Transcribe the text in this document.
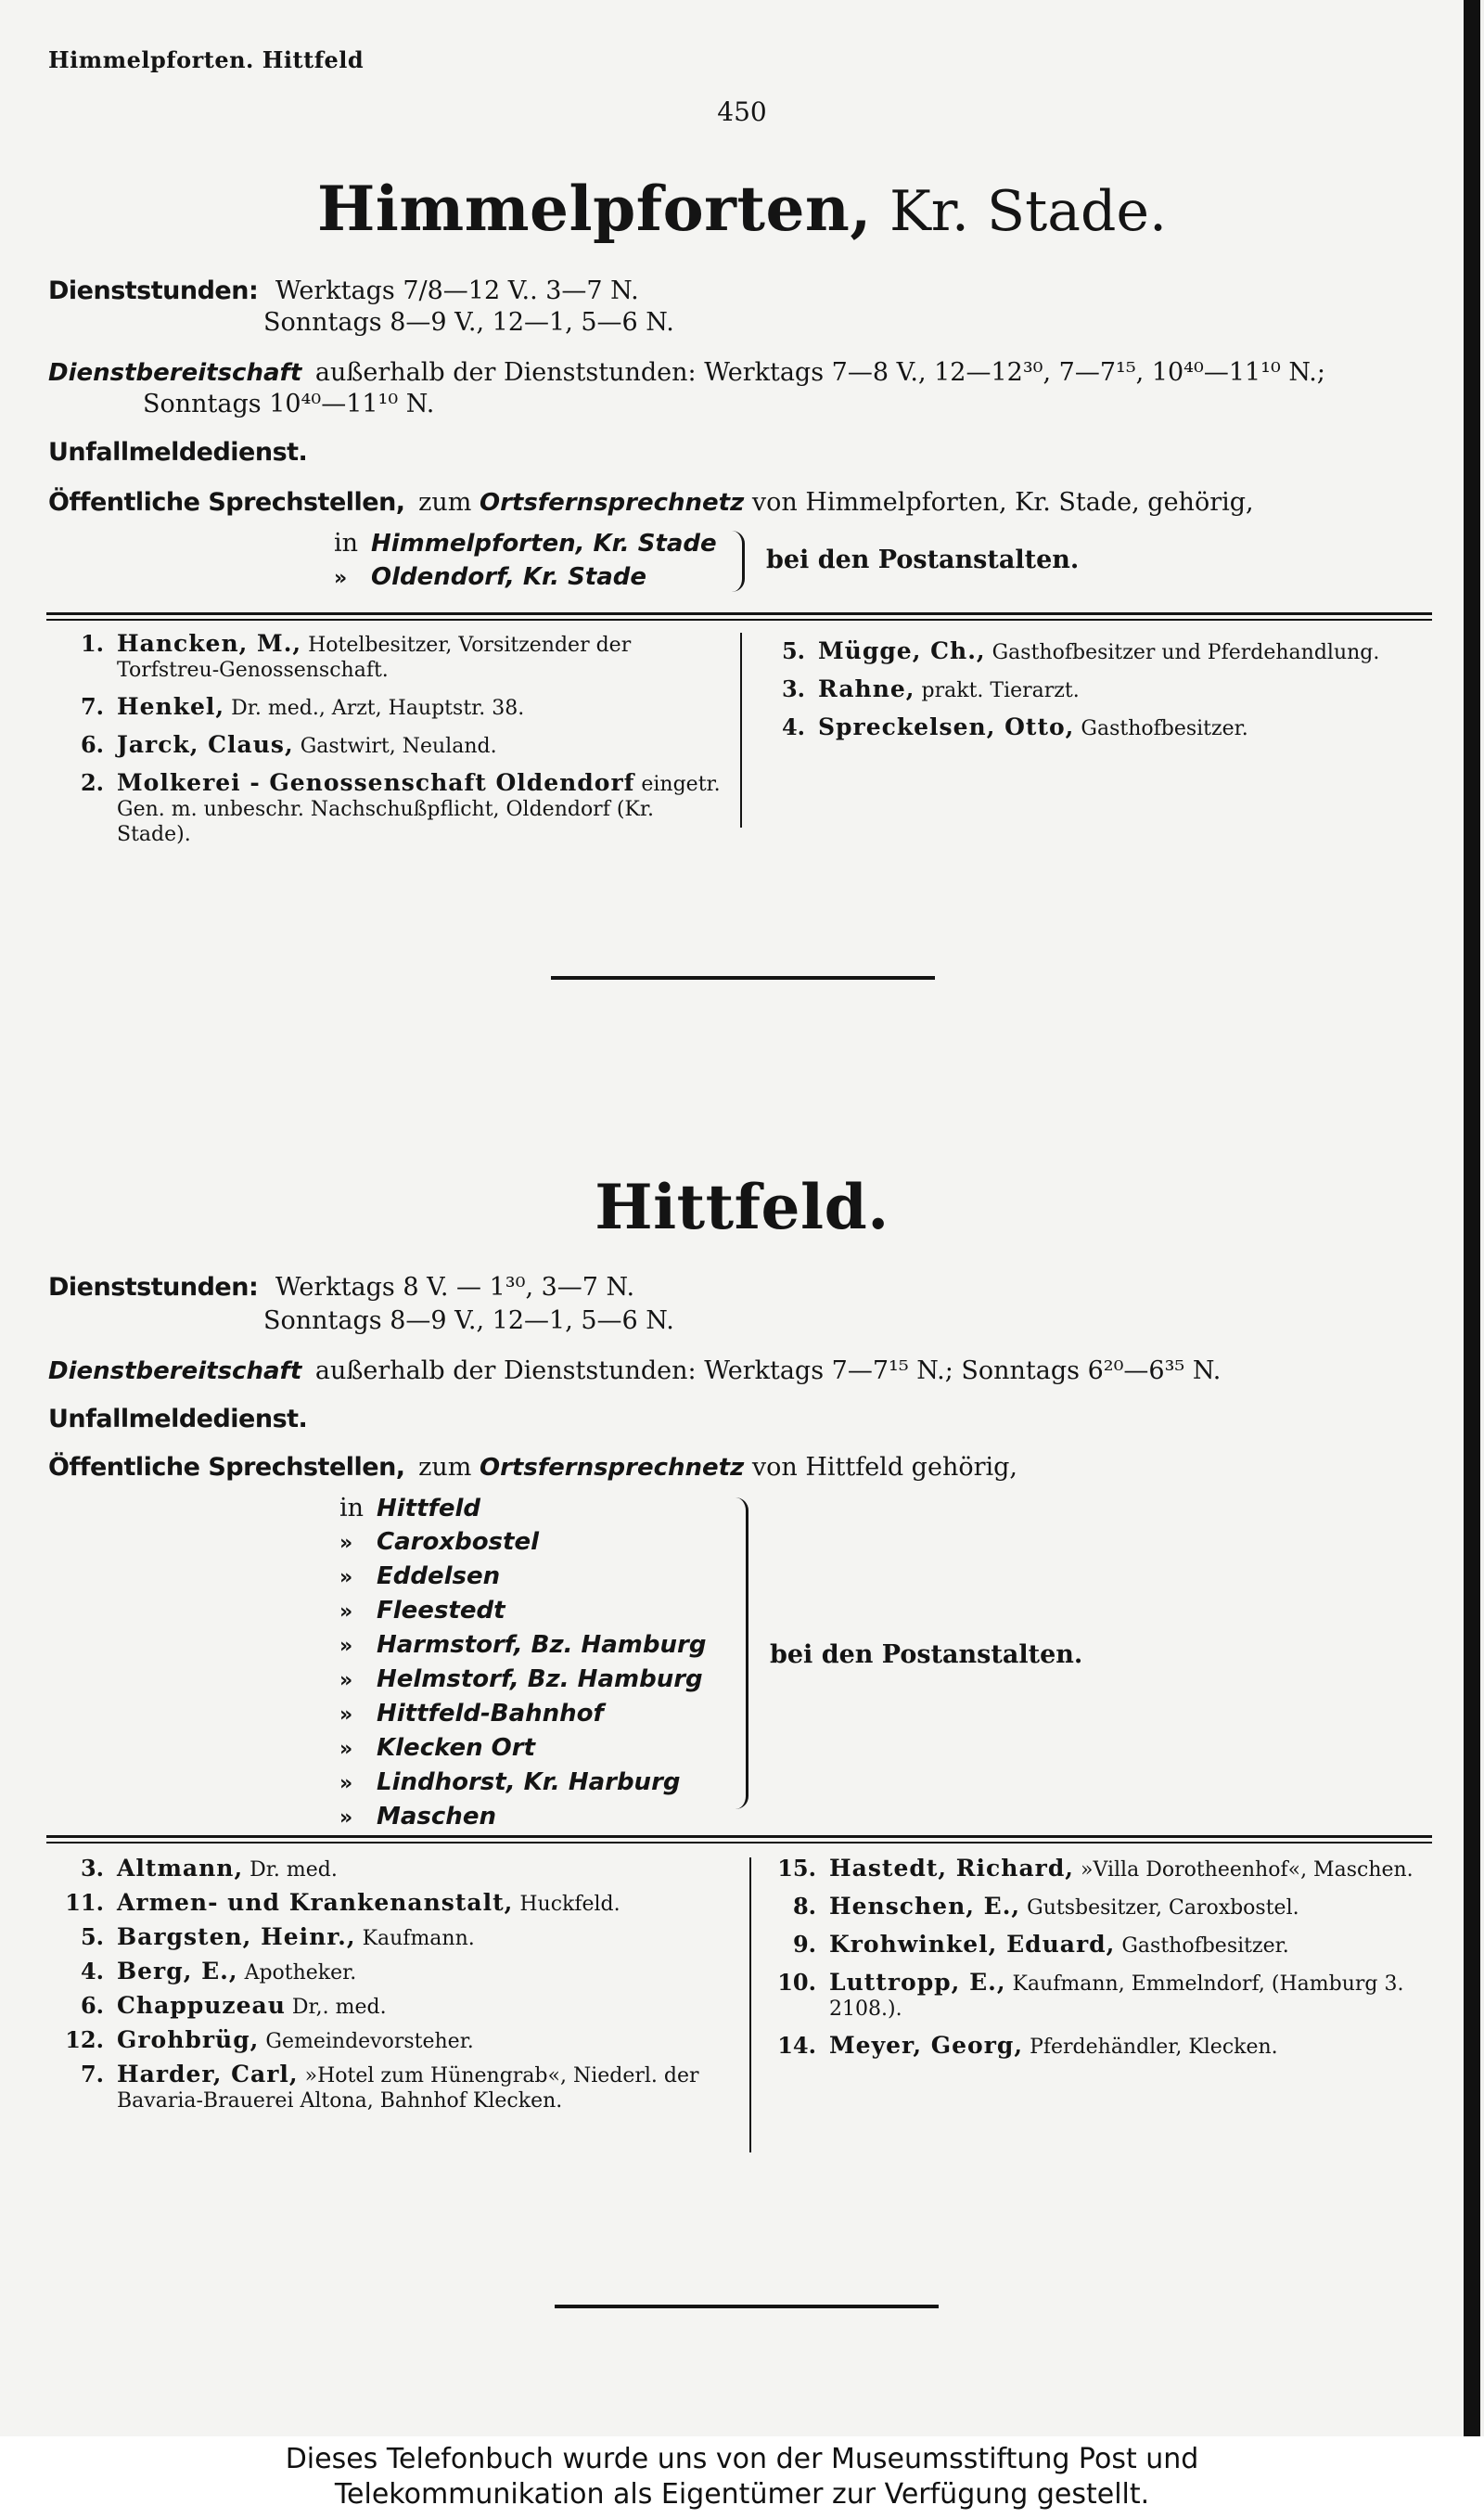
Himmelpforten. Hittfeld
450
Himmelpforten, Kr. Stade.
Dienststunden: Werktags 7/8—12 V.. 3—7 N.
Sonntags 8—9 V., 12—1, 5—6 N.
Dienstbereitschaft außerhalb der Dienststunden: Werktags 7—8 V., 12—12³⁰, 7—7¹⁵, 10⁴⁰—11¹⁰ N.;
Sonntags 10⁴⁰—11¹⁰ N.
Unfallmeldedienst.
Öffentliche Sprechstellen, zum Ortsfernsprechnetz von Himmelpforten, Kr. Stade, gehörig,
in Himmelpforten, Kr. Stade
» Oldendorf, Kr. Stade
bei den Postanstalten.
1. Hancken, M., Hotelbesitzer, Vorsitzender der Torfstreu-Genossenschaft.
7. Henkel, Dr. med., Arzt, Hauptstr. 38.
6. Jarck, Claus, Gastwirt, Neuland.
2. Molkerei - Genossenschaft Oldendorf eingetr. Gen. m. unbeschr. Nachschußpflicht, Oldendorf (Kr. Stade).
5. Mügge, Ch., Gasthofbesitzer und Pferdehandlung.
3. Rahne, prakt. Tierarzt.
4. Spreckelsen, Otto, Gasthofbesitzer.
Hittfeld.
Dienststunden: Werktags 8 V. — 1³⁰, 3—7 N.
Sonntags 8—9 V., 12—1, 5—6 N.
Dienstbereitschaft außerhalb der Dienststunden: Werktags 7—7¹⁵ N.; Sonntags 6²⁰—6³⁵ N.
Unfallmeldedienst.
Öffentliche Sprechstellen, zum Ortsfernsprechnetz von Hittfeld gehörig,
in Hittfeld
» Caroxbostel
» Eddelsen
» Fleestedt
» Harmstorf, Bz. Hamburg
» Helmstorf, Bz. Hamburg
» Hittfeld-Bahnhof
» Klecken Ort
» Lindhorst, Kr. Harburg
» Maschen
bei den Postanstalten.
3. Altmann, Dr. med.
11. Armen- und Krankenanstalt, Huckfeld.
5. Bargsten, Heinr., Kaufmann.
4. Berg, E., Apotheker.
6. Chappuzeau Dr,. med.
12. Grohbrüg, Gemeindevorsteher.
7. Harder, Carl, »Hotel zum Hünengrab«, Niederl. der Bavaria-Brauerei Altona, Bahnhof Klecken.
15. Hastedt, Richard, »Villa Dorotheenhof«, Maschen.
8. Henschen, E., Gutsbesitzer, Caroxbostel.
9. Krohwinkel, Eduard, Gasthofbesitzer.
10. Luttropp, E., Kaufmann, Emmelndorf, (Hamburg 3. 2108.).
14. Meyer, Georg, Pferdehändler, Klecken.
Dieses Telefonbuch wurde uns von der Museumsstiftung Post und
Telekommunikation als Eigentümer zur Verfügung gestellt.
